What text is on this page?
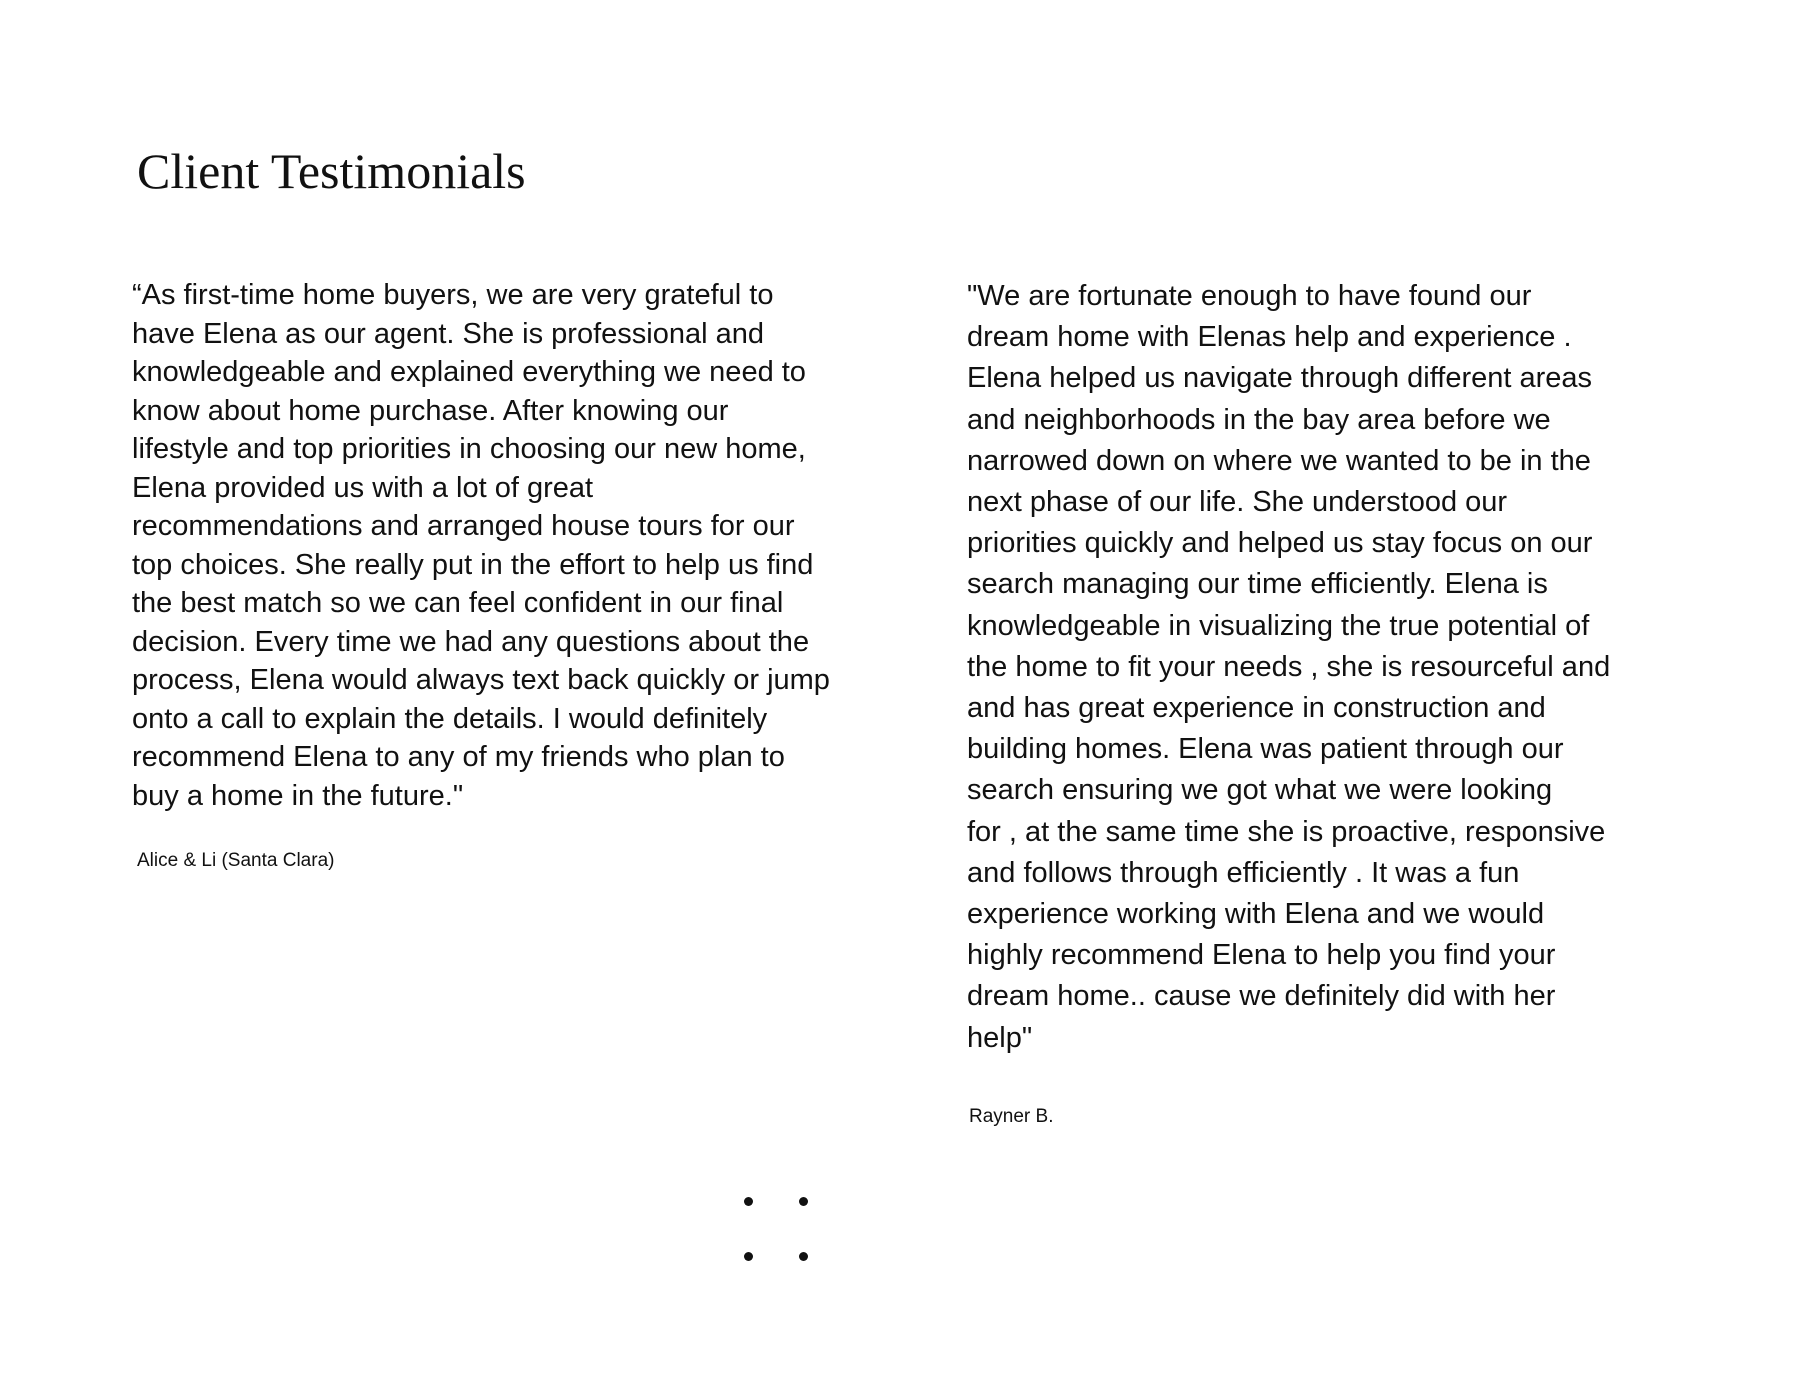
Client Testimonials

“As first-time home buyers, we are very grateful to
have Elena as our agent. She is professional and
knowledgeable and explained everything we need to
know about home purchase. After knowing our
lifestyle and top priorities in choosing our new home,
Elena provided us with a lot of great
recommendations and arranged house tours for our
top choices. She really put in the effort to help us find
the best match so we can feel confident in our final
decision. Every time we had any questions about the
process, Elena would always text back quickly or jump
onto a call to explain the details. I would definitely
recommend Elena to any of my friends who plan to
buy a home in the future."

Alice & Li (Santa Clara)

"We are fortunate enough to have found our
dream home with Elenas help and experience .
Elena helped us navigate through different areas
and neighborhoods in the bay area before we
narrowed down on where we wanted to be in the
next phase of our life. She understood our
priorities quickly and helped us stay focus on our
search managing our time efficiently. Elena is
knowledgeable in visualizing the true potential of
the home to fit your needs , she is resourceful and
and has great experience in construction and
building homes. Elena was patient through our
search ensuring we got what we were looking
for , at the same time she is proactive, responsive
and follows through efficiently . It was a fun
experience working with Elena and we would
highly recommend Elena to help you find your
dream home.. cause we definitely did with her
help"

Rayner B.
